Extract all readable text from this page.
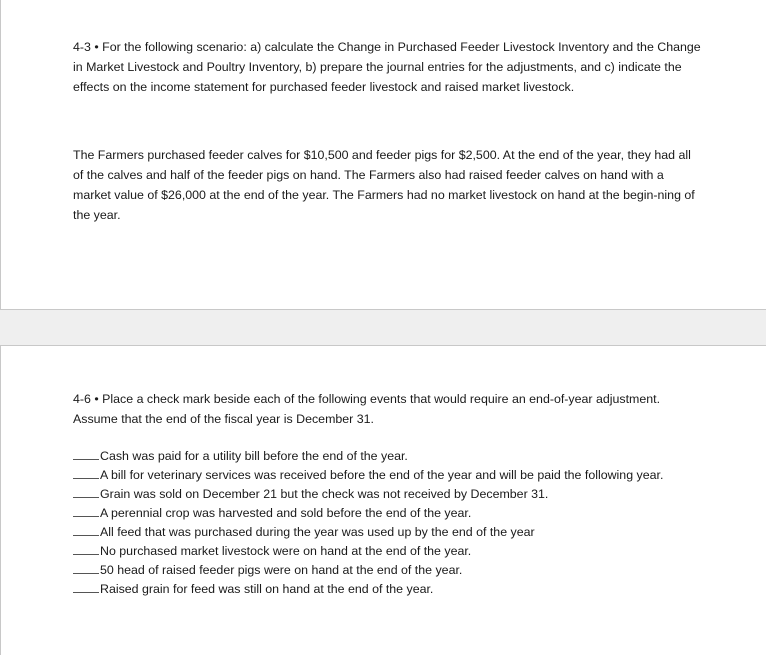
4-3 • For the following scenario: a) calculate the Change in Purchased Feeder Livestock Inventory and the Change in Market Livestock and Poultry Inventory, b) prepare the journal entries for the adjustments, and c) indicate the effects on the income statement for purchased feeder livestock and raised market livestock.

The Farmers purchased feeder calves for $10,500 and feeder pigs for $2,500. At the end of the year, they had all of the calves and half of the feeder pigs on hand. The Farmers also had raised feeder calves on hand with a market value of $26,000 at the end of the year. The Farmers had no market livestock on hand at the begin-ning of the year.

4-6 • Place a check mark beside each of the following events that would require an end-of-year adjustment. Assume that the end of the fiscal year is December 31.

Cash was paid for a utility bill before the end of the year.
A bill for veterinary services was received before the end of the year and will be paid the following year.
Grain was sold on December 21 but the check was not received by December 31.
A perennial crop was harvested and sold before the end of the year.
All feed that was purchased during the year was used up by the end of the year
No purchased market livestock were on hand at the end of the year.
50 head of raised feeder pigs were on hand at the end of the year.
Raised grain for feed was still on hand at the end of the year.
